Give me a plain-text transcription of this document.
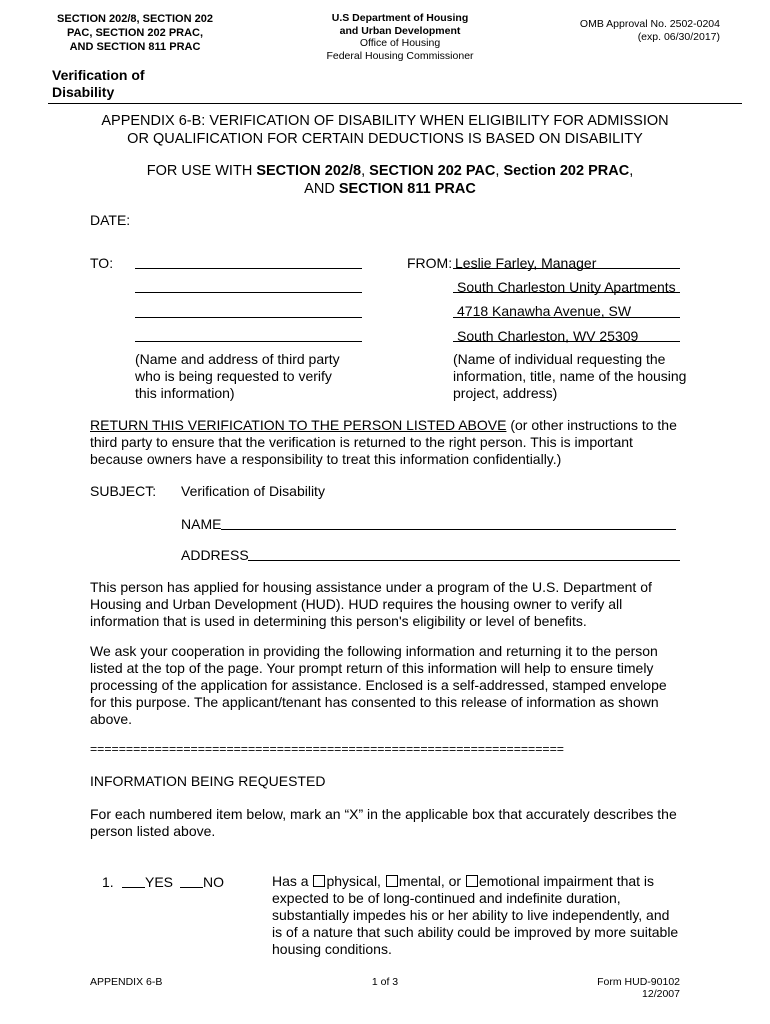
SECTION 202/8, SECTION 202
PAC, SECTION 202 PRAC,
AND SECTION 811 PRAC
U.S Department of Housing
and Urban Development
Office of Housing
Federal Housing Commissioner
OMB Approval No. 2502-0204
(exp. 06/30/2017)
Verification of
Disability
APPENDIX 6-B: VERIFICATION OF DISABILITY WHEN ELIGIBILITY FOR ADMISSION
OR QUALIFICATION FOR CERTAIN DEDUCTIONS IS BASED ON DISABILITY
FOR USE WITH SECTION 202/8, SECTION 202 PAC, Section 202 PRAC,
AND SECTION 811 PRAC
DATE:
TO:	FROM: Leslie Farley, Manager
South Charleston Unity Apartments
4718 Kanawha Avenue, SW
South Charleston, WV 25309
(Name and address of third party
who is being requested to verify
this information)
(Name of individual requesting the
information, title, name of the housing
project, address)
RETURN THIS VERIFICATION TO THE PERSON LISTED ABOVE (or other instructions to the
third party to ensure that the verification is returned to the right person. This is important
because owners have a responsibility to treat this information confidentially.)
SUBJECT: Verification of Disability
NAME
ADDRESS
This person has applied for housing assistance under a program of the U.S. Department of
Housing and Urban Development (HUD). HUD requires the housing owner to verify all
information that is used in determining this person's eligibility or level of benefits.
We ask your cooperation in providing the following information and returning it to the person
listed at the top of the page. Your prompt return of this information will help to ensure timely
processing of the application for assistance. Enclosed is a self-addressed, stamped envelope
for this purpose. The applicant/tenant has consented to this release of information as shown
above.
==================================================================
INFORMATION BEING REQUESTED
For each numbered item below, mark an “X” in the applicable box that accurately describes the
person listed above.
1. YES NO	Has a physical, mental, or emotional impairment that is
expected to be of long-continued and indefinite duration,
substantially impedes his or her ability to live independently, and
is of a nature that such ability could be improved by more suitable
housing conditions.
APPENDIX 6-B	1 of 3	Form HUD-90102
12/2007
